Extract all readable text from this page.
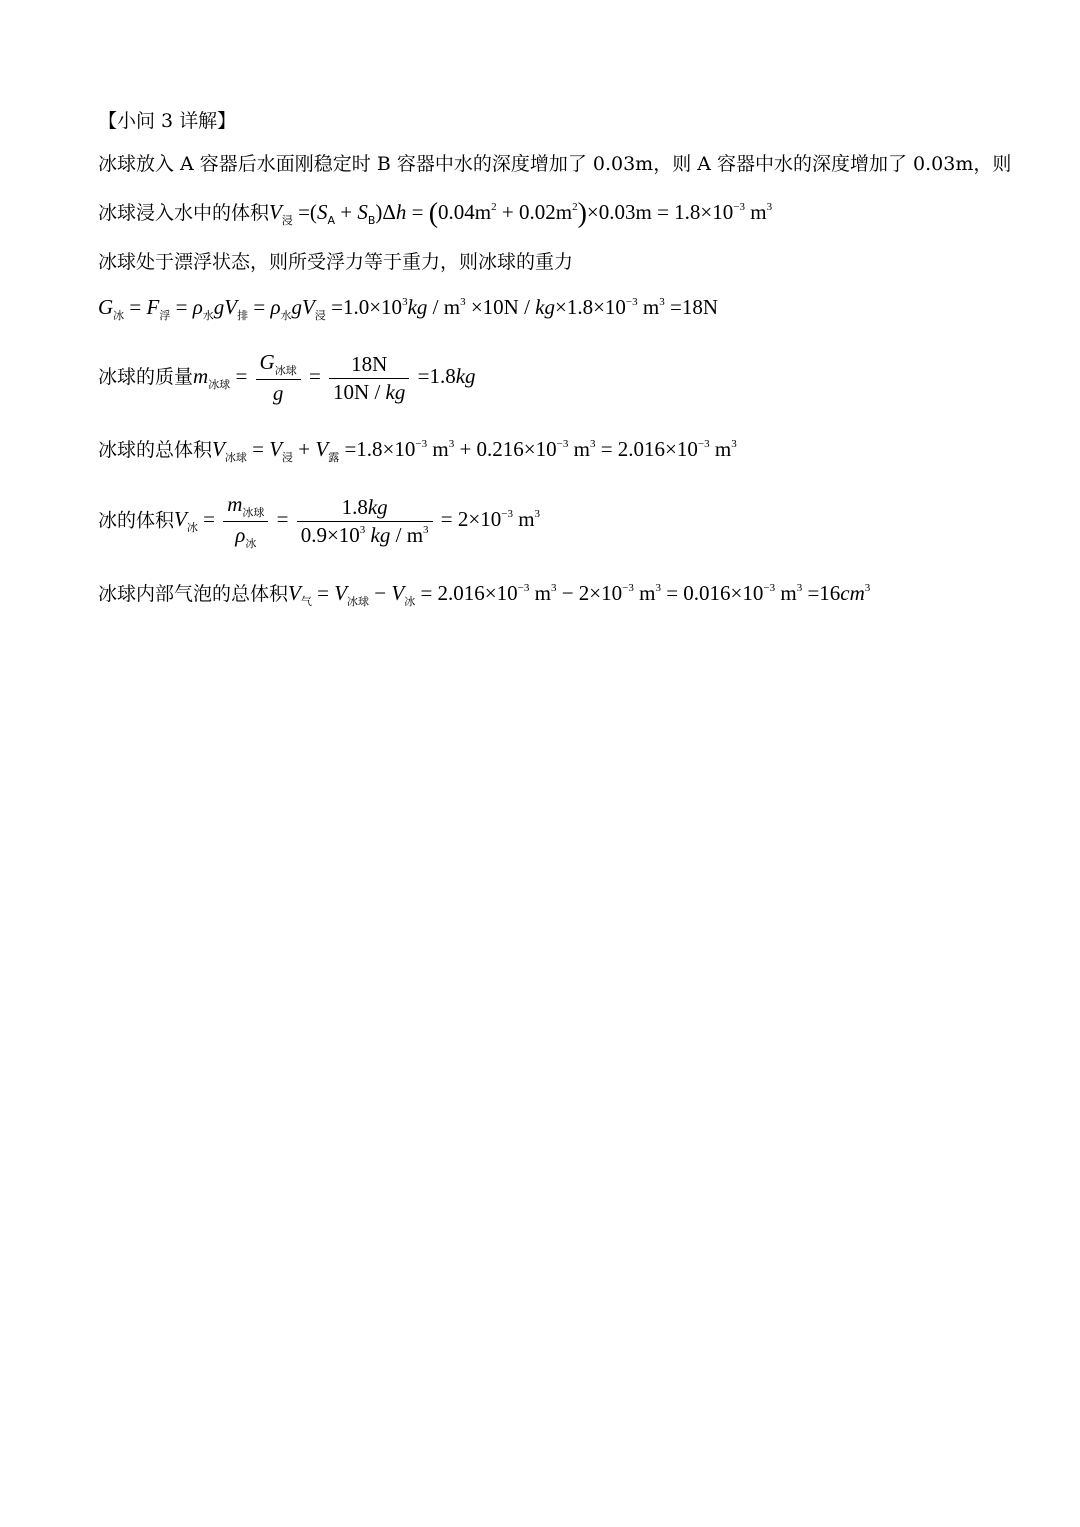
【小问 3 详解】
冰球放入 A 容器后水面刚稳定时 B 容器中水的深度增加了 0.03m，则 A 容器中水的深度增加了 0.03m，则
冰球浸入水中的体积$V_浸 =(S_A + S_B)\Delta h = (0.04m^2 + 0.02m^2)\times 0.03m = 1.8\times 10^{-3}$ $m^3$
冰球处于漂浮状态，则所受浮力等于重力，则冰球的重力
$G_冰 = F_浮 = \rho_水gV_排 = \rho_水gV_浸 =1.0\times 10^3kg / m^3 \times 10N / kg\times 1.8\times 10^{-3}$ $m^3 =18N$
冰球的质量$m_{冰球} = \frac{G_{冰球}}{g} = \frac{18N}{10N / kg} =1.8kg$
冰球的总体积$V_{冰球} = V_浸 + V_露 =1.8\times 10^{-3}$ $m^3 + 0.216\times 10^{-3}$ $m^3 = 2.016\times 10^{-3}$ $m^3$
冰的体积$V_冰 = \frac{m_{冰球}}{\rho_冰} = \frac{1.8kg}{0.9\times 10^3 kg / m^3} = 2\times 10^{-3}$ $m^3$
冰球内部气泡的总体积$V_气 = V_{冰球} - V_冰 = 2.016\times 10^{-3}$ $m^3 - 2\times 10^{-3}$ $m^3 = 0.016\times 10^{-3}$ $m^3 =16cm^3$
